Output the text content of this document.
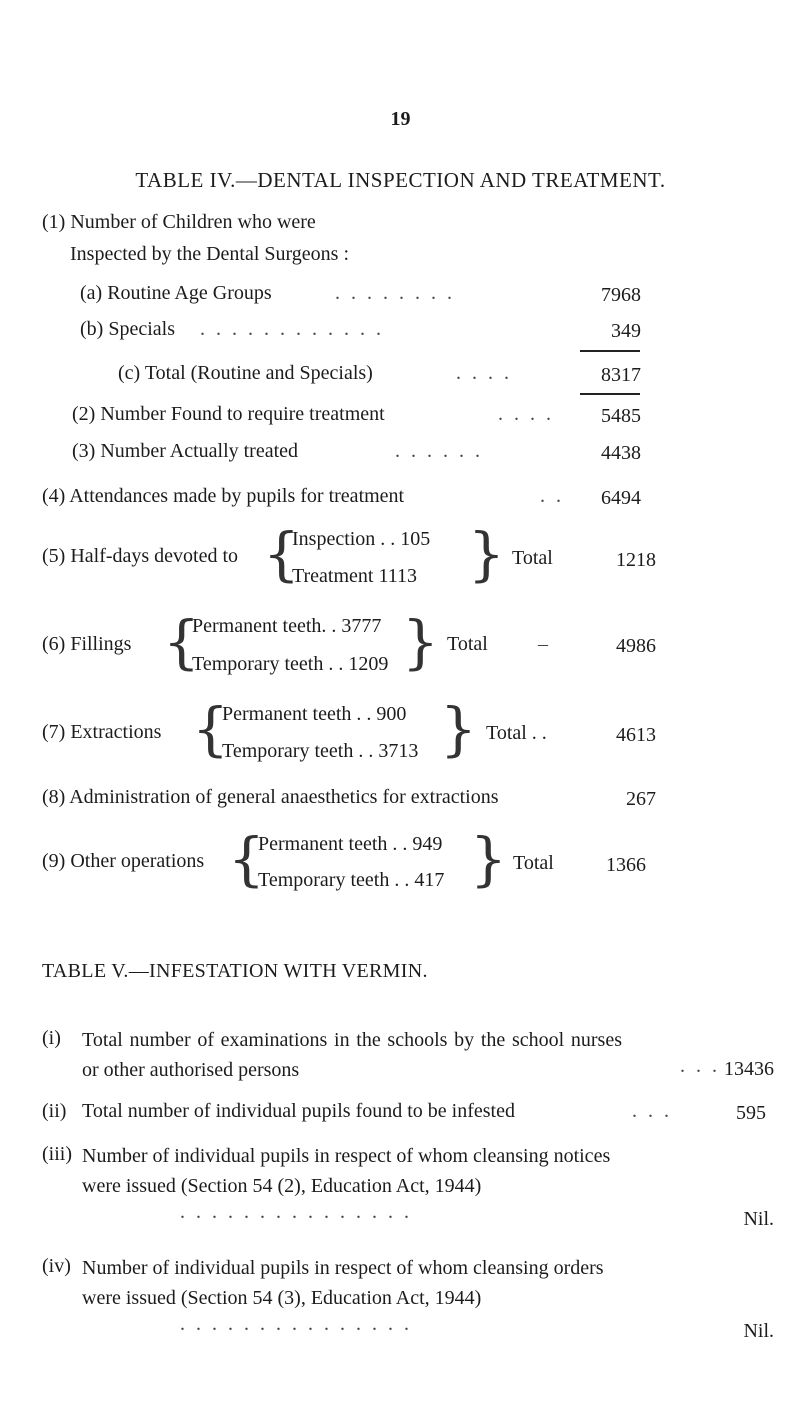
19
TABLE IV.—DENTAL INSPECTION AND TREATMENT.
(1) Number of Children who were
Inspected by the Dental Surgeons :
(a) Routine Age Groups	. . . . . . . .	7968
(b) Specials . . . . . . . . . . . .	349
(c) Total (Routine and Specials)	. . . .	8317
(2) Number Found to require treatment	. . . .	5485
(3) Number Actually treated	. . . . . .	4438
(4) Attendances made by pupils for treatment	. .	6494
(5) Half-days devoted to {
Inspection . . 105
Treatment 1113 } Total	1218
(6) Fillings {
Permanent teeth. . 3777
Temporary teeth . . 1209 } Total	–	4986
(7) Extractions {
Permanent teeth . . 900
Temporary teeth . . 3713 } Total . .	4613
(8) Administration of general anaesthetics for extractions	267
(9) Other operations {
Permanent teeth . . 949
Temporary teeth . . 417 } Total	1366
TABLE V.—INFESTATION WITH VERMIN.
(i) Total number of examinations in the schools by the school nurses or other authorised persons	. . . 13436
(ii) Total number of individual pupils found to be infested	. . .	595
(iii) Number of individual pupils in respect of whom cleansing notices were issued (Section 54 (2), Education Act, 1944)
. . . . . . . . . . . . . . .	Nil.
(iv) Number of individual pupils in respect of whom cleansing orders were issued (Section 54 (3), Education Act, 1944)
. . . . . . . . . . . . . . .	Nil.
